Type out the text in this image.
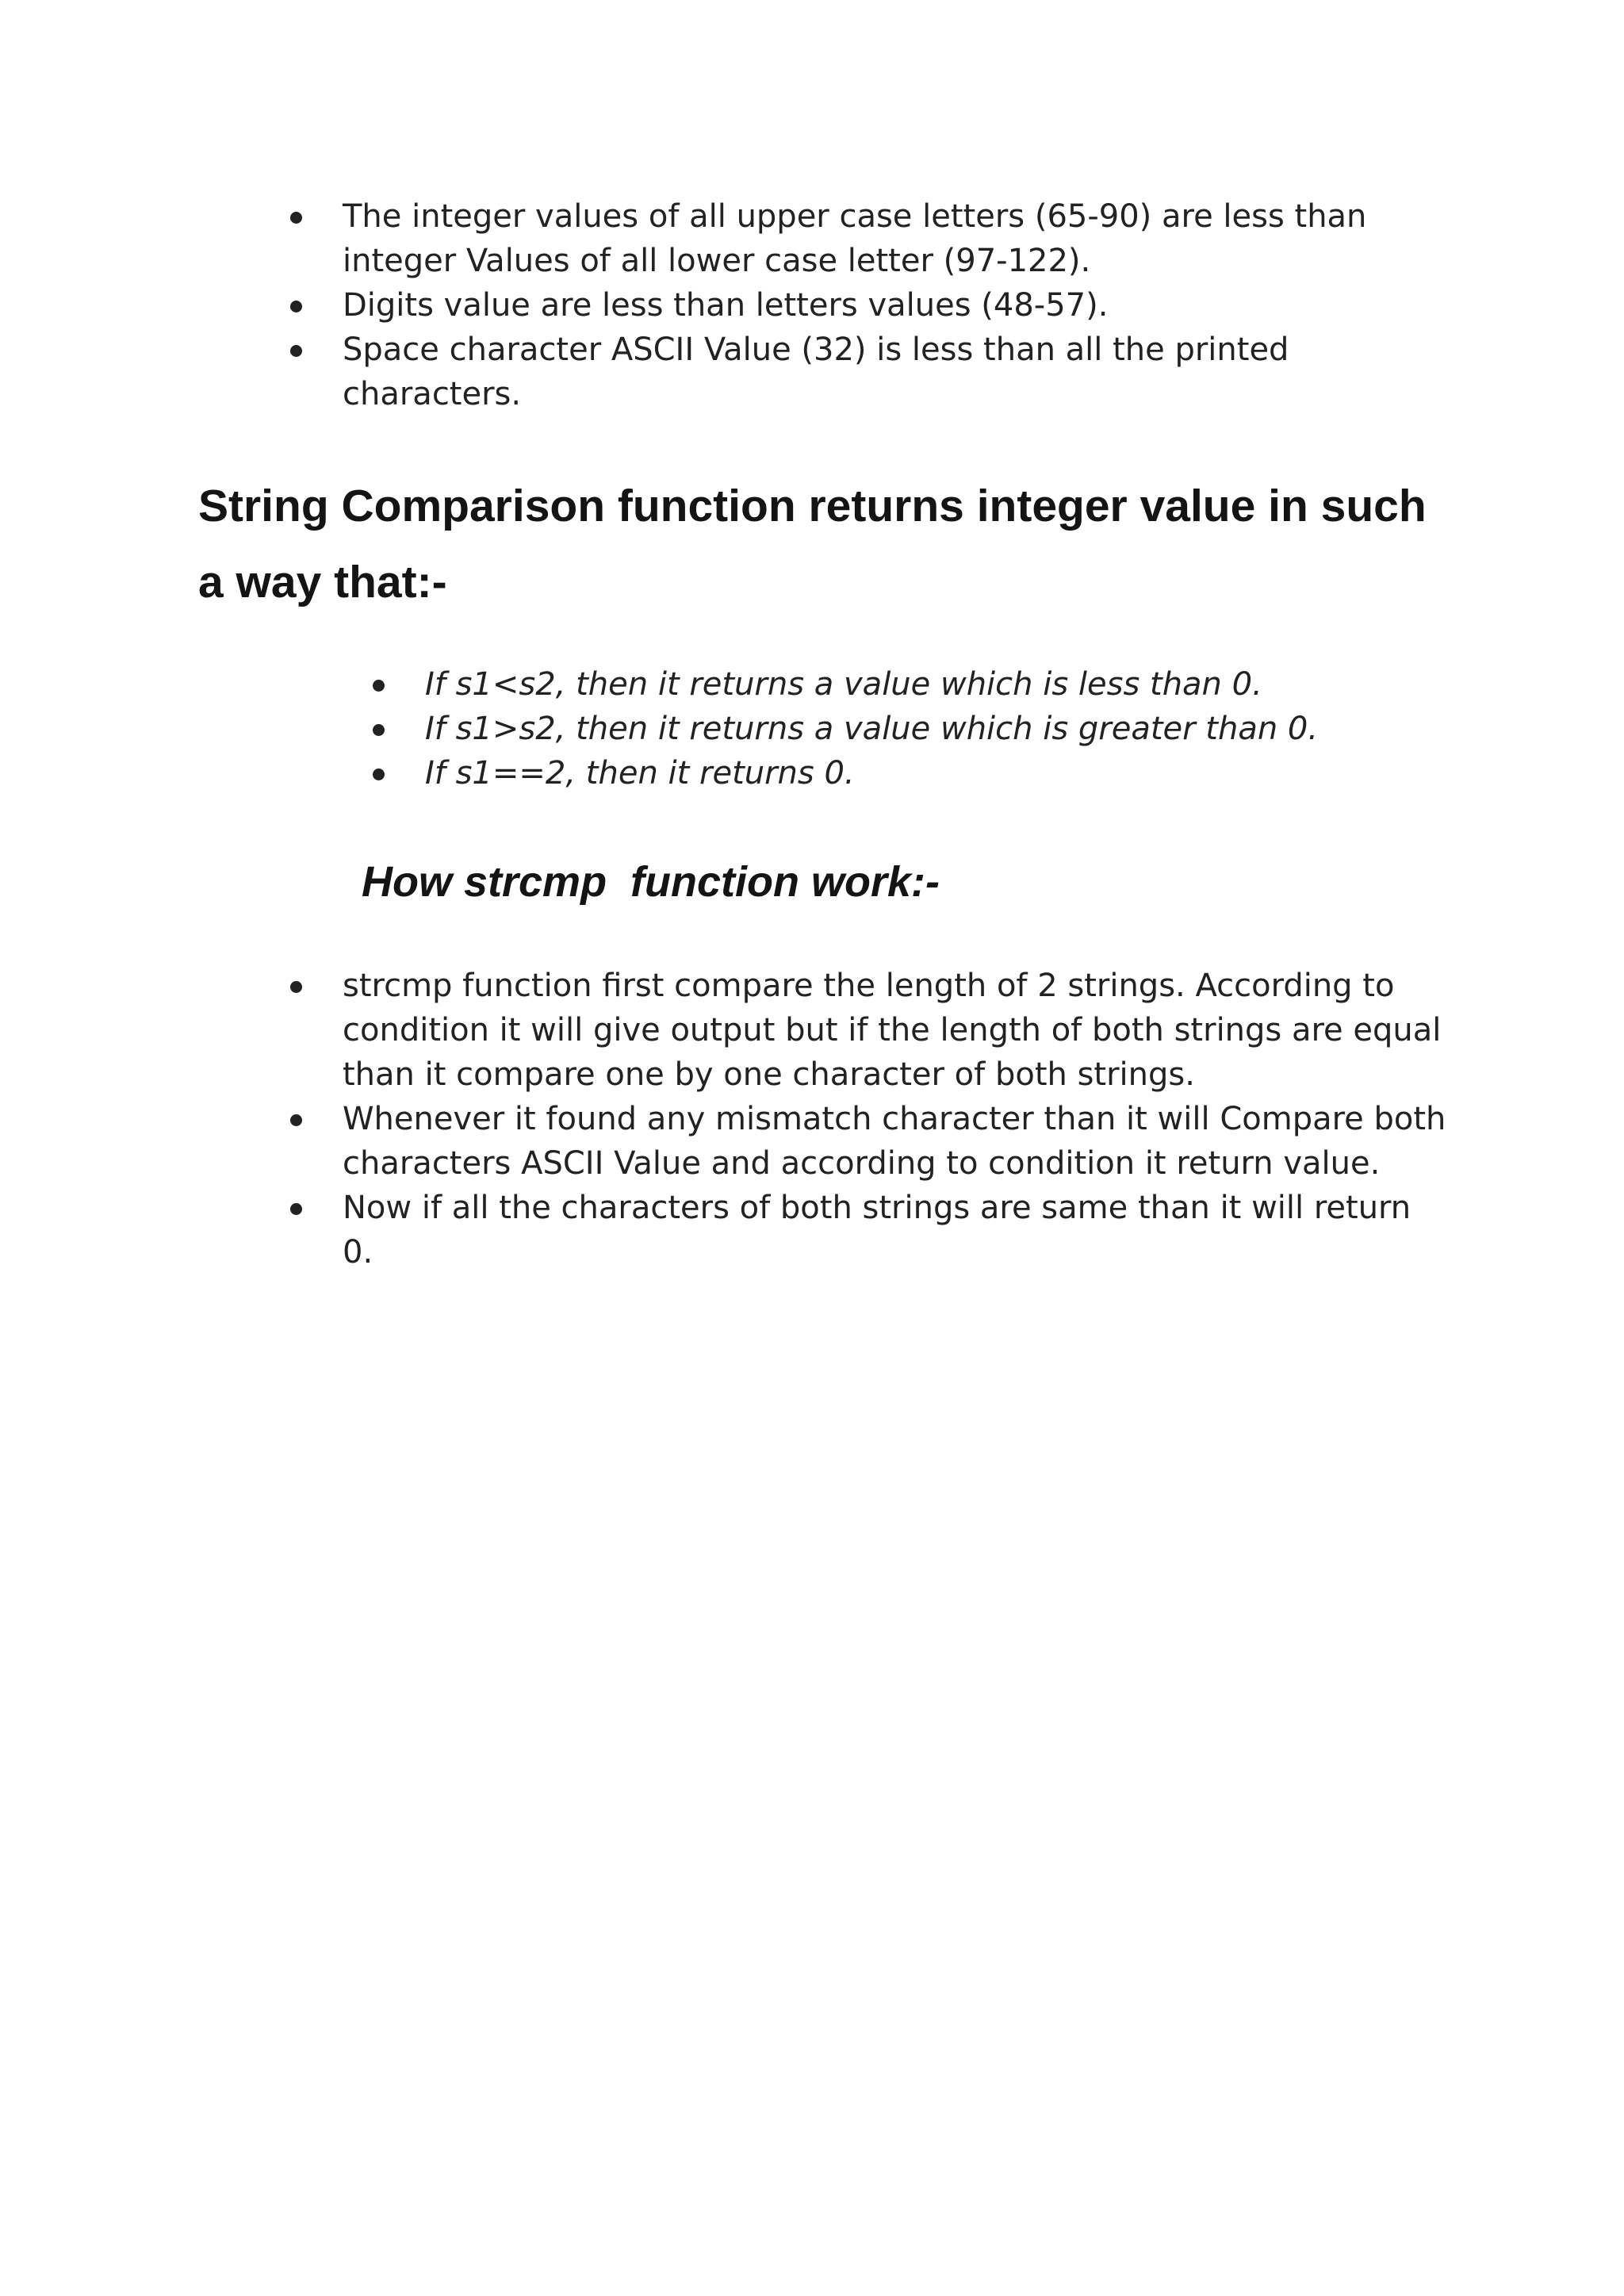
The integer values of all upper case letters (65-90) are less than integer Values of all lower case letter (97-122).
Digits value are less than letters values (48-57).
Space character ASCII Value (32) is less than all the printed characters.
String Comparison function returns integer value in such a way that:-
If s1<s2, then it returns a value which is less than 0.
If s1>s2, then it returns a value which is greater than 0.
If s1==2, then it returns 0.
How strcmp  function work:-
strcmp function first compare the length of 2 strings. According to condition it will give output but if the length of both strings are equal than it compare one by one character of both strings.
Whenever it found any mismatch character than it will Compare both characters ASCII Value and according to condition it return value.
Now if all the characters of both strings are same than it will return 0.
